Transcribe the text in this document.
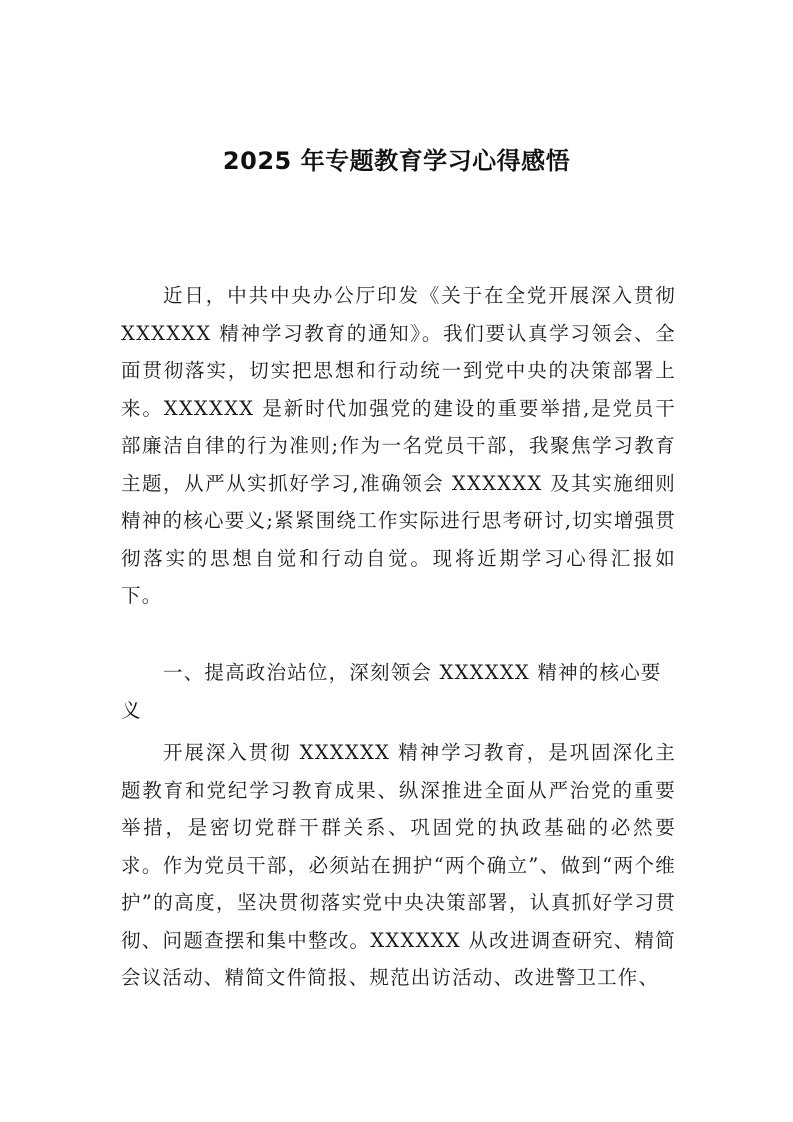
2025 年专题教育学习心得感悟

近日，中共中央办公厅印发《关于在全党开展深入贯彻 XXXXXX 精神学习教育的通知》。我们要认真学习领会、全面贯彻落实，切实把思想和行动统一到党中央的决策部署上来。XXXXXX 是新时代加强党的建设的重要举措,是党员干部廉洁自律的行为准则;作为一名党员干部，我聚焦学习教育主题，从严从实抓好学习,准确领会 XXXXXX 及其实施细则精神的核心要义;紧紧围绕工作实际进行思考研讨,切实增强贯彻落实的思想自觉和行动自觉。现将近期学习心得汇报如下。

一、提高政治站位，深刻领会 XXXXXX 精神的核心要义

开展深入贯彻 XXXXXX 精神学习教育，是巩固深化主题教育和党纪学习教育成果、纵深推进全面从严治党的重要举措，是密切党群干群关系、巩固党的执政基础的必然要求。作为党员干部，必须站在拥护“两个确立”、做到“两个维护”的高度，坚决贯彻落实党中央决策部署，认真抓好学习贯彻、问题查摆和集中整改。XXXXXX 从改进调查研究、精简会议活动、精简文件简报、规范出访活动、改进警卫工作、
